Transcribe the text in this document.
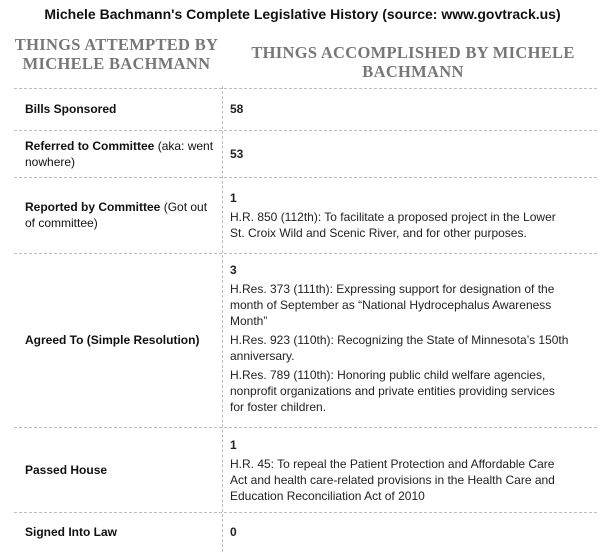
Michele Bachmann's Complete Legislative History (source: www.govtrack.us)
THINGS ATTEMPTED BY MICHELE BACHMANN
THINGS ACCOMPLISHED BY MICHELE BACHMANN
Bills Sponsored	58
Referred to Committee (aka: went nowhere)
53
Reported by Committee (Got out of committee)
1
H.R. 850 (112th): To facilitate a proposed project in the Lower St. Croix Wild and Scenic River, and for other purposes.
Agreed To (Simple Resolution)
3
H.Res. 373 (111th): Expressing support for designation of the month of September as “National Hydrocephalus Awareness Month”
H.Res. 923 (110th): Recognizing the State of Minnesota’s 150th anniversary.
H.Res. 789 (110th): Honoring public child welfare agencies, nonprofit organizations and private entities providing services for foster children.
Passed House
1
H.R. 45: To repeal the Patient Protection and Affordable Care Act and health care-related provisions in the Health Care and Education Reconciliation Act of 2010
Signed Into Law	0
